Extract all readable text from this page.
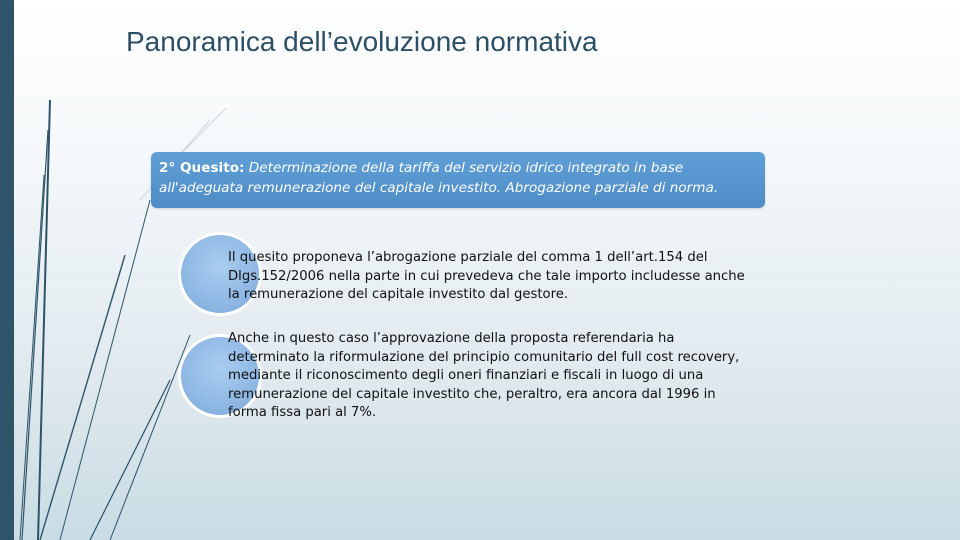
Panoramica dell’evoluzione normativa
2° Quesito: Determinazione della tariffa del servizio idrico integrato in base all'adeguata remunerazione del capitale investito. Abrogazione parziale di norma.
Il quesito proponeva l’abrogazione parziale del comma 1 dell’art.154 del Dlgs.152/2006 nella parte in cui prevedeva che tale importo includesse anche la remunerazione del capitale investito dal gestore.
Anche in questo caso l’approvazione della proposta referendaria ha determinato la riformulazione del principio comunitario del full cost recovery, mediante il riconoscimento degli oneri finanziari e fiscali in luogo di una remunerazione del capitale investito che, peraltro, era ancora dal 1996 in forma fissa pari al 7%.
